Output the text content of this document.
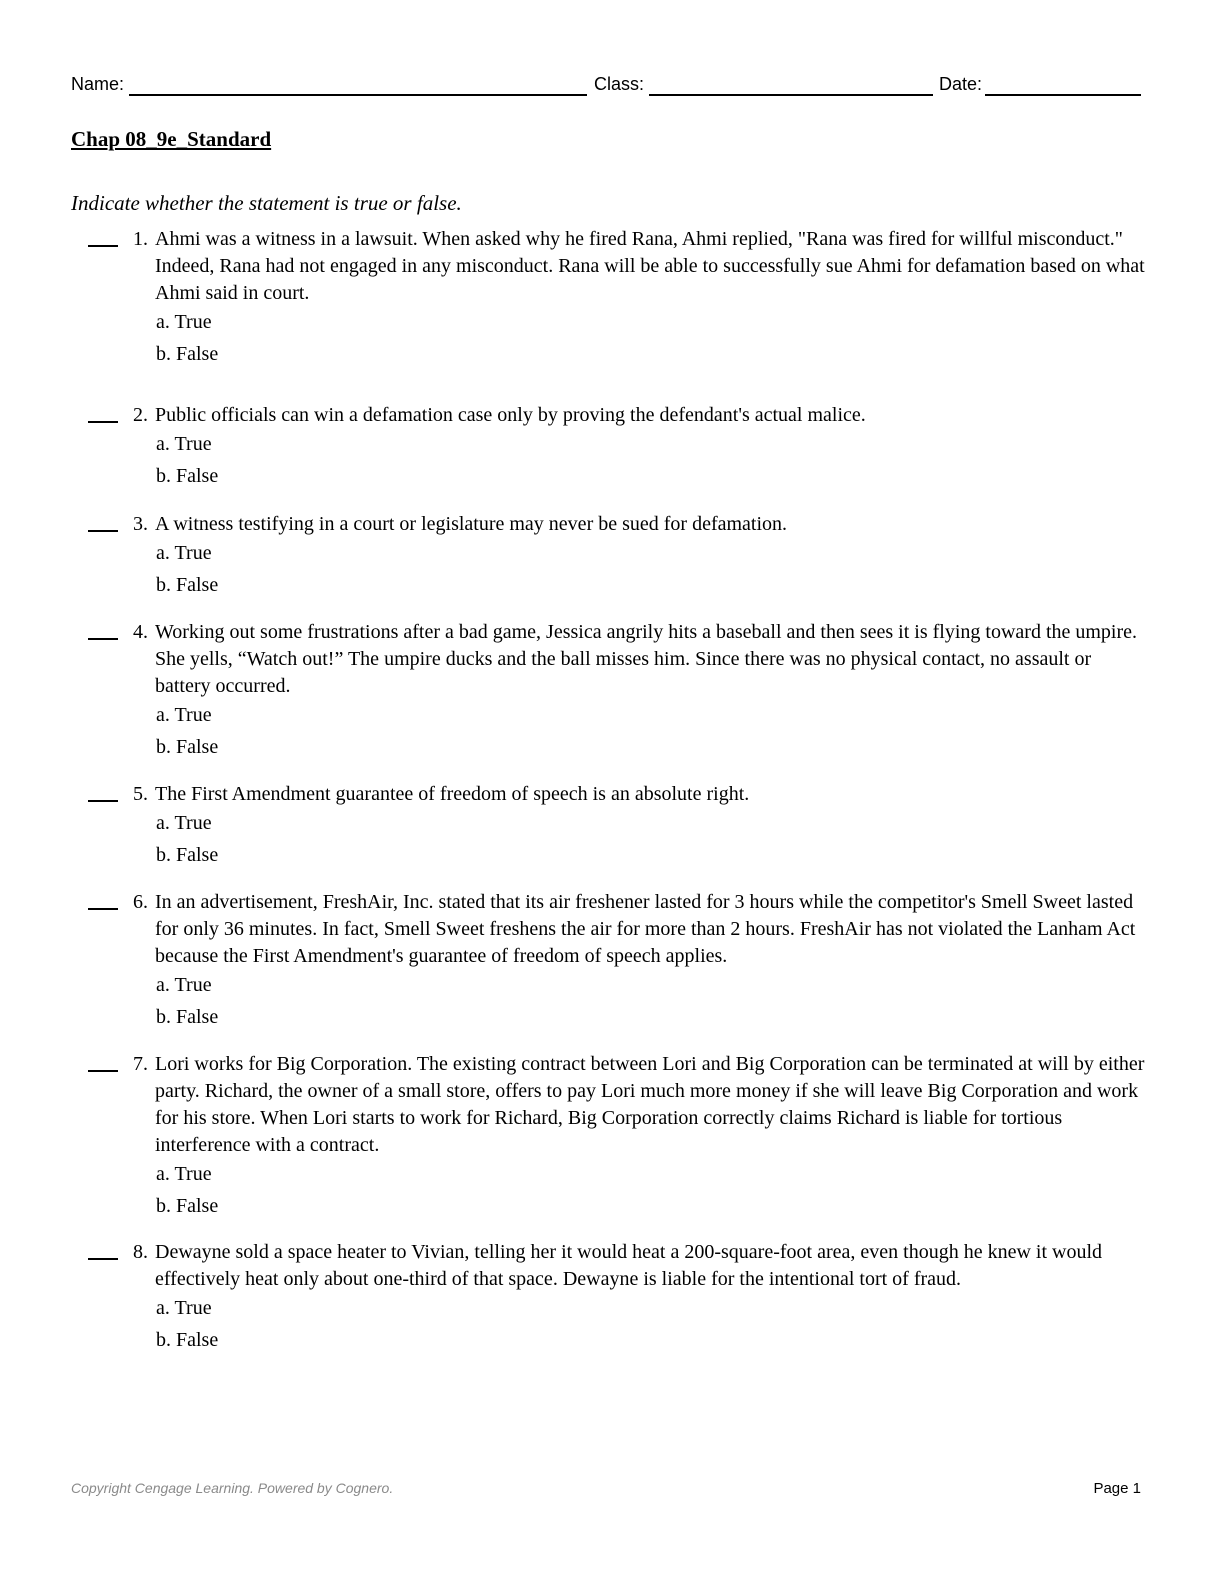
Name:	Class:	Date:
Chap 08_9e_Standard

Indicate whether the statement is true or false.

1. Ahmi was a witness in a lawsuit. When asked why he fired Rana, Ahmi replied, "Rana was fired for willful misconduct." Indeed, Rana had not engaged in any misconduct. Rana will be able to successfully sue Ahmi for defamation based on what Ahmi said in court.

a. True
b. False
2. Public officials can win a defamation case only by proving the defendant's actual malice.

a. True
b. False
3. A witness testifying in a court or legislature may never be sued for defamation.

a. True
b. False
4. Working out some frustrations after a bad game, Jessica angrily hits a baseball and then sees it is flying toward the umpire. She yells, “Watch out!” The umpire ducks and the ball misses him. Since there was no physical contact, no assault or battery occurred.

a. True
b. False
5. The First Amendment guarantee of freedom of speech is an absolute right.

a. True
b. False
6. In an advertisement, FreshAir, Inc. stated that its air freshener lasted for 3 hours while the competitor's Smell Sweet lasted for only 36 minutes. In fact, Smell Sweet freshens the air for more than 2 hours. FreshAir has not violated the Lanham Act because the First Amendment's guarantee of freedom of speech applies.

a. True
b. False
7. Lori works for Big Corporation. The existing contract between Lori and Big Corporation can be terminated at will by either party. Richard, the owner of a small store, offers to pay Lori much more money if she will leave Big Corporation and work for his store. When Lori starts to work for Richard, Big Corporation correctly claims Richard is liable for tortious interference with a contract.

a. True
b. False
8. Dewayne sold a space heater to Vivian, telling her it would heat a 200-square-foot area, even though he knew it would effectively heat only about one-third of that space. Dewayne is liable for the intentional tort of fraud.

a. True
b. False
Copyright Cengage Learning. Powered by Cognero.	Page 1
